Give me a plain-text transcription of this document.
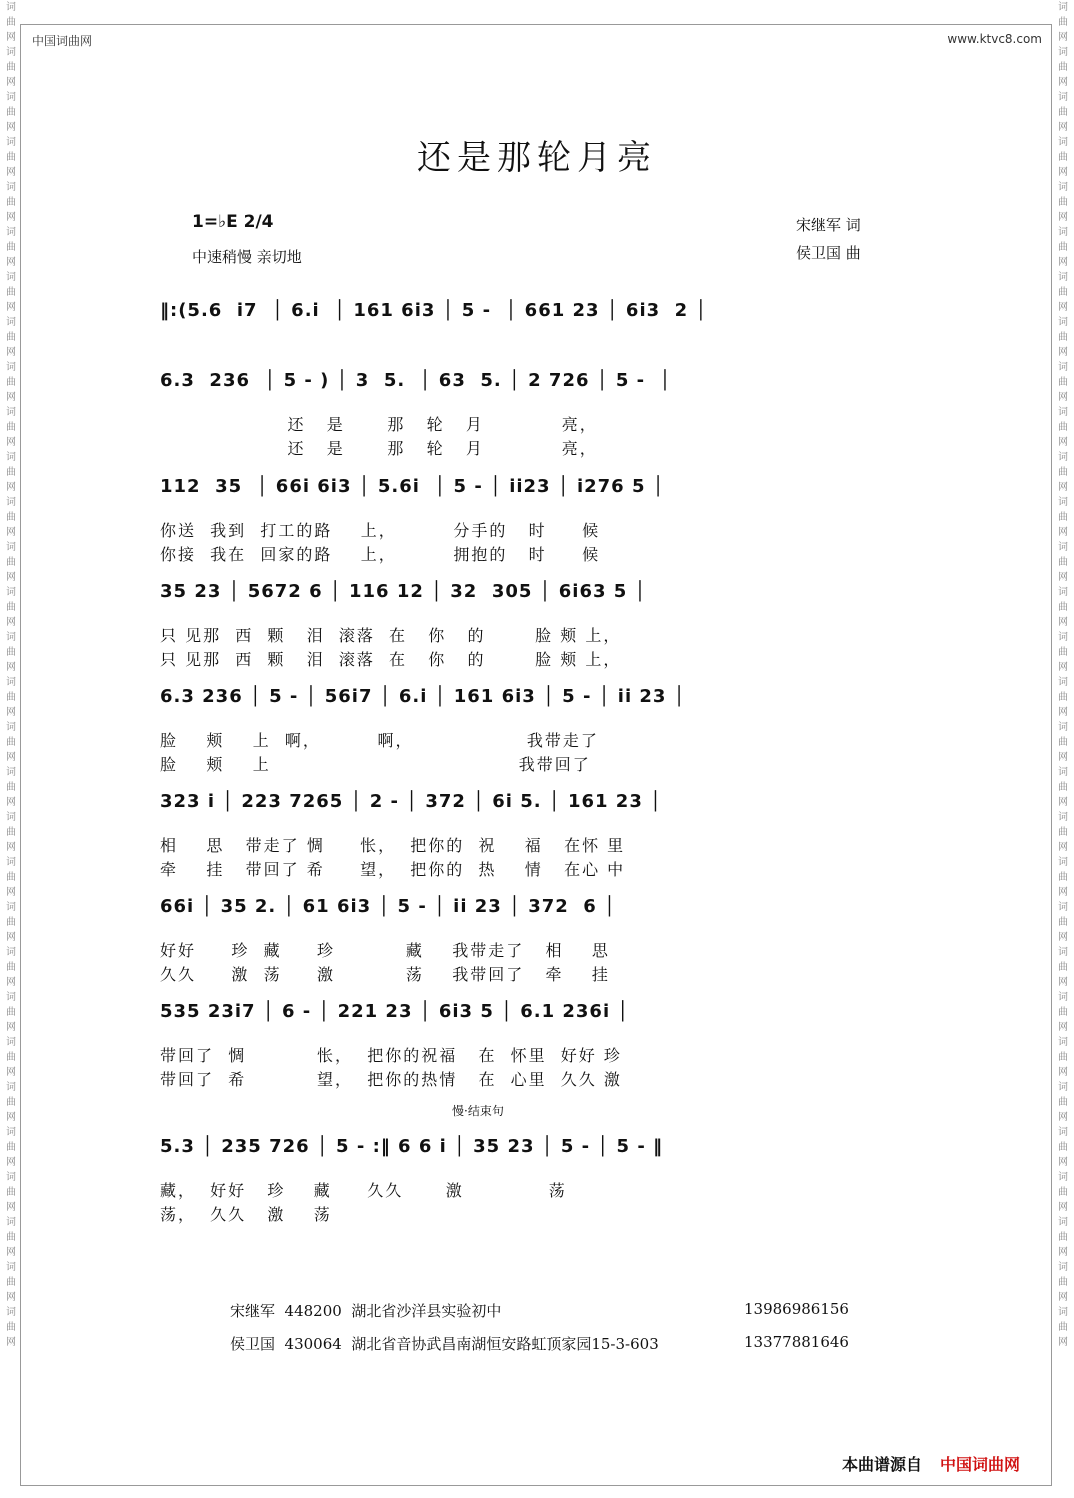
词曲网词曲网词曲网词曲网词曲网词曲网词曲网词曲网词曲网词曲网词曲网词曲网词曲网词曲网词曲网词曲网词曲网词曲网词曲网词曲网词曲网词曲网词曲网词曲网词曲网词曲网词曲网词曲网词曲网词曲网
词曲网词曲网词曲网词曲网词曲网词曲网词曲网词曲网词曲网词曲网词曲网词曲网词曲网词曲网词曲网词曲网词曲网词曲网词曲网词曲网词曲网词曲网词曲网词曲网词曲网词曲网词曲网词曲网词曲网词曲网
中国词曲网	www.ktvc8.com
还是那轮月亮
1=♭E 2/4
中速稍慢 亲切地
宋继军 词
侯卫国 曲
‖:(5.6  i7  │ 6.i  │ 161 6i3 │ 5 -  │ 661 23 │ 6i3  2 │
6.3  236  │ 5 - ) │ 3  5.  │ 63  5. │ 2 726 │ 5 -  │
还   是      那   轮   月           亮，
还   是      那   轮   月           亮，
112  35  │ 66i 6i3 │ 5.6i  │ 5 - │ ii23 │ i276 5 │
你送  我到  打工的路    上，        分手的   时     候
你接  我在  回家的路    上，        拥抱的   时     候
35 23 │ 5672 6 │ 116 12 │ 32  305 │ 6i63 5 │
只 见那  西  颗   泪  滚落  在   你   的       脸 颊 上，
只 见那  西  颗   泪  滚落  在   你   的       脸 颊 上，
6.3 236 │ 5 - │ 56i7 │ 6.i │ 161 6i3 │ 5 - │ ii 23 │
脸    颊    上  啊，        啊，                我带走了
脸    颊    上                                   我带回了
323 i │ 223 7265 │ 2 - │ 372 │ 6i 5. │ 161 23 │
相    思   带走了 惆     怅，  把你的  祝    福   在怀 里
牵    挂   带回了 希     望，  把你的  热    情   在心 中
66i │ 35 2. │ 61 6i3 │ 5 - │ ii 23 │ 372  6 │
好好     珍  藏     珍          藏    我带走了   相    思
久久     激  荡     激          荡    我带回了   牵    挂
535 23i7 │ 6 - │ 221 23 │ 6i3 5 │ 6.1 236i │
带回了  惆          怅，  把你的祝福   在  怀里  好好 珍
带回了  希          望，  把你的热情   在  心里  久久 激
5.3 │ 235 726 │ 5 - :‖ 6 6 i │ 35 23 │ 5 - │ 5 - ‖
藏，  好好   珍    藏     久久      激            荡
荡，  久久   激    荡
慢·结束句
宋继军  448200  湖北省沙洋县实验初中	13986986156
侯卫国  430064  湖北省音协武昌南湖恒安路虹顶家园15-3-603	13377881646
本曲谱源自 中国词曲网
